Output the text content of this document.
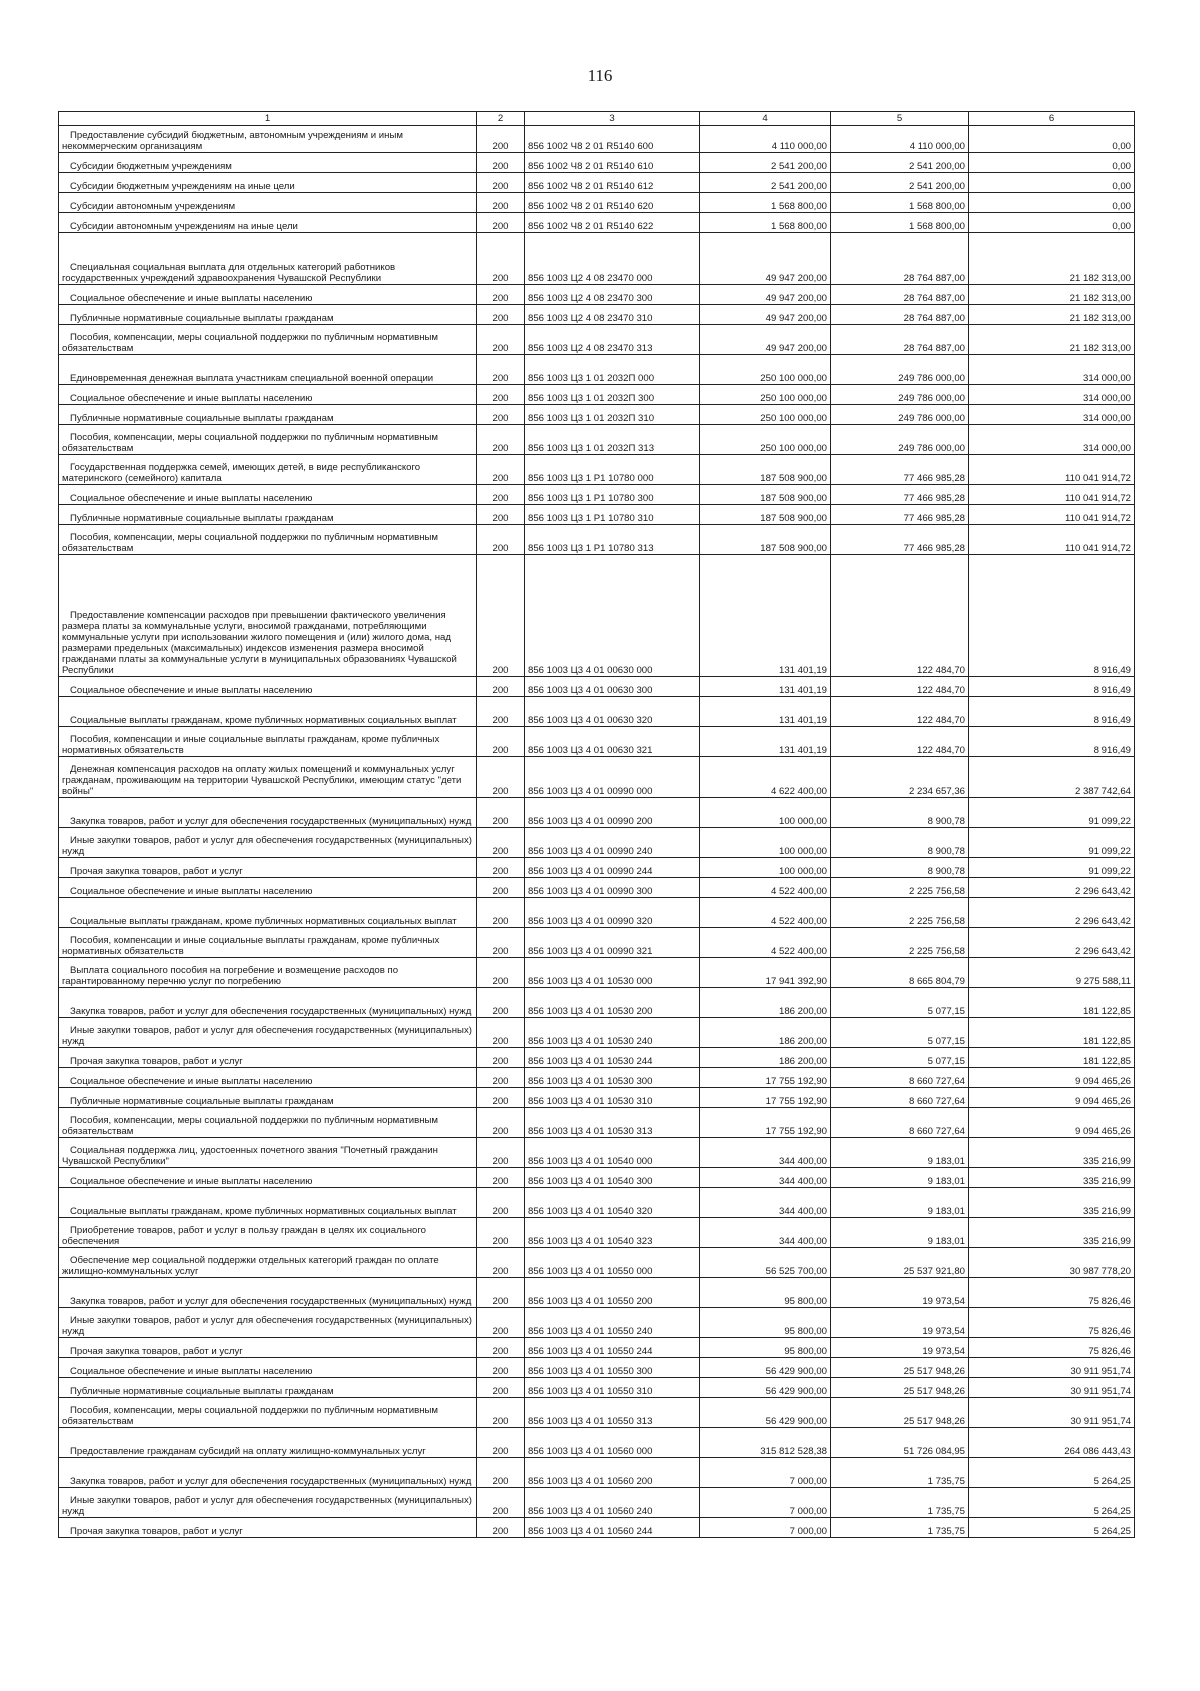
116
1	2	3	4	5	6

Предоставление субсидий бюджетным, автономным учреждениям и иным некоммерческим организациям	200	856 1002 Ч8 2 01 R5140 600	4 110 000,00	4 110 000,00	0,00

Субсидии бюджетным учреждениям	200	856 1002 Ч8 2 01 R5140 610	2 541 200,00	2 541 200,00	0,00

Субсидии бюджетным учреждениям на иные цели	200	856 1002 Ч8 2 01 R5140 612	2 541 200,00	2 541 200,00	0,00

Субсидии автономным учреждениям	200	856 1002 Ч8 2 01 R5140 620	1 568 800,00	1 568 800,00	0,00

Субсидии автономным учреждениям на иные цели	200	856 1002 Ч8 2 01 R5140 622	1 568 800,00	1 568 800,00	0,00

Специальная социальная выплата для отдельных категорий работников государственных учреждений здравоохранения Чувашской Республики	200	856 1003 Ц2 4 08 23470 000	49 947 200,00	28 764 887,00	21 182 313,00

Социальное обеспечение и иные выплаты населению	200	856 1003 Ц2 4 08 23470 300	49 947 200,00	28 764 887,00	21 182 313,00

Публичные нормативные социальные выплаты гражданам	200	856 1003 Ц2 4 08 23470 310	49 947 200,00	28 764 887,00	21 182 313,00

Пособия, компенсации, меры социальной поддержки по публичным нормативным обязательствам	200	856 1003 Ц2 4 08 23470 313	49 947 200,00	28 764 887,00	21 182 313,00

Единовременная денежная выплата участникам специальной военной операции	200	856 1003 Ц3 1 01 2032П 000	250 100 000,00	249 786 000,00	314 000,00

Социальное обеспечение и иные выплаты населению	200	856 1003 Ц3 1 01 2032П 300	250 100 000,00	249 786 000,00	314 000,00

Публичные нормативные социальные выплаты гражданам	200	856 1003 Ц3 1 01 2032П 310	250 100 000,00	249 786 000,00	314 000,00

Пособия, компенсации, меры социальной поддержки по публичным нормативным обязательствам	200	856 1003 Ц3 1 01 2032П 313	250 100 000,00	249 786 000,00	314 000,00

Государственная поддержка семей, имеющих детей, в виде республиканского материнского (семейного) капитала	200	856 1003 Ц3 1 P1 10780 000	187 508 900,00	77 466 985,28	110 041 914,72

Социальное обеспечение и иные выплаты населению	200	856 1003 Ц3 1 P1 10780 300	187 508 900,00	77 466 985,28	110 041 914,72

Публичные нормативные социальные выплаты гражданам	200	856 1003 Ц3 1 P1 10780 310	187 508 900,00	77 466 985,28	110 041 914,72

Пособия, компенсации, меры социальной поддержки по публичным нормативным обязательствам	200	856 1003 Ц3 1 P1 10780 313	187 508 900,00	77 466 985,28	110 041 914,72

Предоставление компенсации расходов при превышении фактического увеличения размера платы за коммунальные услуги, вносимой гражданами, потребляющими коммунальные услуги при использовании жилого помещения и (или) жилого дома, над размерами предельных (максимальных) индексов изменения размера вносимой гражданами платы за коммунальные услуги в муниципальных образованиях Чувашской Республики	200	856 1003 Ц3 4 01 00630 000	131 401,19	122 484,70	8 916,49

Социальное обеспечение и иные выплаты населению	200	856 1003 Ц3 4 01 00630 300	131 401,19	122 484,70	8 916,49

Социальные выплаты гражданам, кроме публичных нормативных социальных выплат	200	856 1003 Ц3 4 01 00630 320	131 401,19	122 484,70	8 916,49

Пособия, компенсации и иные социальные выплаты гражданам, кроме публичных нормативных обязательств	200	856 1003 Ц3 4 01 00630 321	131 401,19	122 484,70	8 916,49

Денежная компенсация расходов на оплату жилых помещений и коммунальных услуг гражданам, проживающим на территории Чувашской Республики, имеющим статус "дети войны"	200	856 1003 Ц3 4 01 00990 000	4 622 400,00	2 234 657,36	2 387 742,64

Закупка товаров, работ и услуг для обеспечения государственных (муниципальных) нужд	200	856 1003 Ц3 4 01 00990 200	100 000,00	8 900,78	91 099,22

Иные закупки товаров, работ и услуг для обеспечения государственных (муниципальных) нужд	200	856 1003 Ц3 4 01 00990 240	100 000,00	8 900,78	91 099,22

Прочая закупка товаров, работ и услуг	200	856 1003 Ц3 4 01 00990 244	100 000,00	8 900,78	91 099,22

Социальное обеспечение и иные выплаты населению	200	856 1003 Ц3 4 01 00990 300	4 522 400,00	2 225 756,58	2 296 643,42

Социальные выплаты гражданам, кроме публичных нормативных социальных выплат	200	856 1003 Ц3 4 01 00990 320	4 522 400,00	2 225 756,58	2 296 643,42

Пособия, компенсации и иные социальные выплаты гражданам, кроме публичных нормативных обязательств	200	856 1003 Ц3 4 01 00990 321	4 522 400,00	2 225 756,58	2 296 643,42

Выплата социального пособия на погребение и возмещение расходов по гарантированному перечню услуг по погребению	200	856 1003 Ц3 4 01 10530 000	17 941 392,90	8 665 804,79	9 275 588,11

Закупка товаров, работ и услуг для обеспечения государственных (муниципальных) нужд	200	856 1003 Ц3 4 01 10530 200	186 200,00	5 077,15	181 122,85

Иные закупки товаров, работ и услуг для обеспечения государственных (муниципальных) нужд	200	856 1003 Ц3 4 01 10530 240	186 200,00	5 077,15	181 122,85

Прочая закупка товаров, работ и услуг	200	856 1003 Ц3 4 01 10530 244	186 200,00	5 077,15	181 122,85

Социальное обеспечение и иные выплаты населению	200	856 1003 Ц3 4 01 10530 300	17 755 192,90	8 660 727,64	9 094 465,26

Публичные нормативные социальные выплаты гражданам	200	856 1003 Ц3 4 01 10530 310	17 755 192,90	8 660 727,64	9 094 465,26

Пособия, компенсации, меры социальной поддержки по публичным нормативным обязательствам	200	856 1003 Ц3 4 01 10530 313	17 755 192,90	8 660 727,64	9 094 465,26

Социальная поддержка лиц, удостоенных почетного звания "Почетный гражданин Чувашской Республики"	200	856 1003 Ц3 4 01 10540 000	344 400,00	9 183,01	335 216,99

Социальное обеспечение и иные выплаты населению	200	856 1003 Ц3 4 01 10540 300	344 400,00	9 183,01	335 216,99

Социальные выплаты гражданам, кроме публичных нормативных социальных выплат	200	856 1003 Ц3 4 01 10540 320	344 400,00	9 183,01	335 216,99

Приобретение товаров, работ и услуг в пользу граждан в целях их социального обеспечения	200	856 1003 Ц3 4 01 10540 323	344 400,00	9 183,01	335 216,99

Обеспечение мер социальной поддержки отдельных категорий граждан по оплате жилищно-коммунальных услуг	200	856 1003 Ц3 4 01 10550 000	56 525 700,00	25 537 921,80	30 987 778,20

Закупка товаров, работ и услуг для обеспечения государственных (муниципальных) нужд	200	856 1003 Ц3 4 01 10550 200	95 800,00	19 973,54	75 826,46

Иные закупки товаров, работ и услуг для обеспечения государственных (муниципальных) нужд	200	856 1003 Ц3 4 01 10550 240	95 800,00	19 973,54	75 826,46

Прочая закупка товаров, работ и услуг	200	856 1003 Ц3 4 01 10550 244	95 800,00	19 973,54	75 826,46

Социальное обеспечение и иные выплаты населению	200	856 1003 Ц3 4 01 10550 300	56 429 900,00	25 517 948,26	30 911 951,74

Публичные нормативные социальные выплаты гражданам	200	856 1003 Ц3 4 01 10550 310	56 429 900,00	25 517 948,26	30 911 951,74

Пособия, компенсации, меры социальной поддержки по публичным нормативным обязательствам	200	856 1003 Ц3 4 01 10550 313	56 429 900,00	25 517 948,26	30 911 951,74

Предоставление гражданам субсидий на оплату жилищно-коммунальных услуг	200	856 1003 Ц3 4 01 10560 000	315 812 528,38	51 726 084,95	264 086 443,43

Закупка товаров, работ и услуг для обеспечения государственных (муниципальных) нужд	200	856 1003 Ц3 4 01 10560 200	7 000,00	1 735,75	5 264,25

Иные закупки товаров, работ и услуг для обеспечения государственных (муниципальных) нужд	200	856 1003 Ц3 4 01 10560 240	7 000,00	1 735,75	5 264,25

Прочая закупка товаров, работ и услуг	200	856 1003 Ц3 4 01 10560 244	7 000,00	1 735,75	5 264,25
